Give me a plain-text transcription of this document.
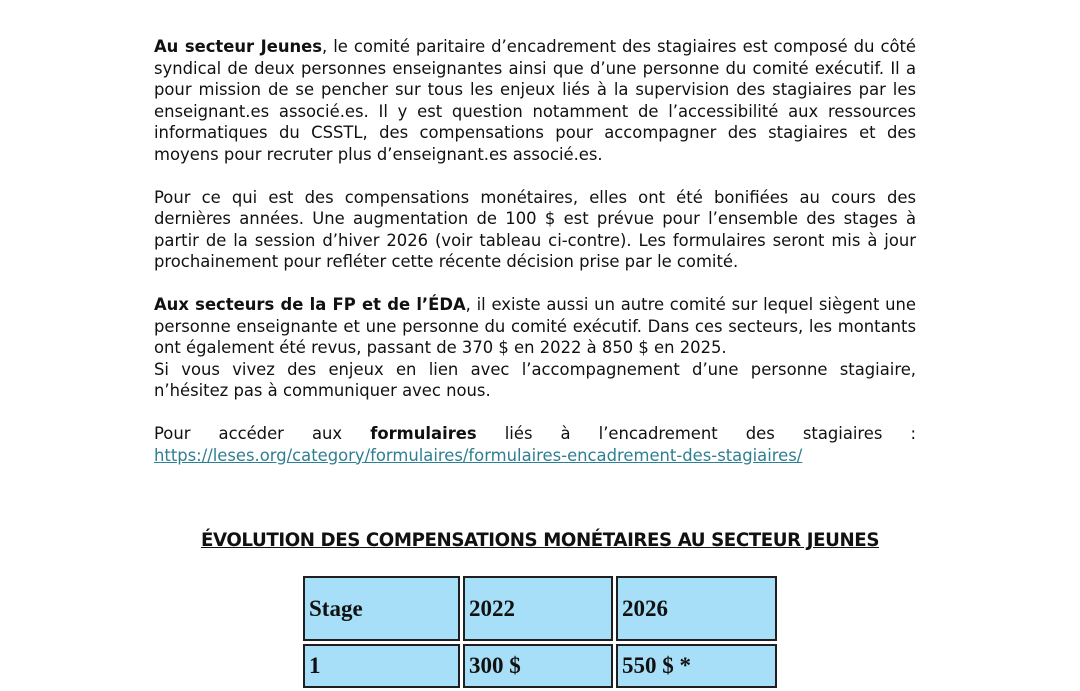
Au secteur Jeunes, le comité paritaire d’encadrement des stagiaires est composé du côté syndical de deux personnes enseignantes ainsi que d’une personne du comité exécutif. Il a pour mission de se pencher sur tous les enjeux liés à la supervision des stagiaires par les enseignant.es associé.es. Il y est question notamment de l’accessibilité aux ressources informatiques du CSSTL, des compensations pour accompagner des stagiaires et des moyens pour recruter plus d’enseignant.es associé.es.

Pour ce qui est des compensations monétaires, elles ont été bonifiées au cours des dernières années. Une augmentation de 100 $ est prévue pour l’ensemble des stages à partir de la session d’hiver 2026 (voir tableau ci-contre). Les formulaires seront mis à jour prochainement pour refléter cette récente décision prise par le comité.

Aux secteurs de la FP et de l’ÉDA, il existe aussi un autre comité sur lequel siègent une personne enseignante et une personne du comité exécutif. Dans ces secteurs, les montants ont également été revus, passant de 370 $ en 2022 à 850 $ en 2025.

Si vous vivez des enjeux en lien avec l’accompagnement d’une personne stagiaire, n’hésitez pas à communiquer avec nous.

Pour accéder aux formulaires liés à l’encadrement des stagiaires :
https://leses.org/category/formulaires/formulaires-encadrement-des-stagiaires/

ÉVOLUTION DES COMPENSATIONS MONÉTAIRES AU SECTEUR JEUNES
Stage	2022	2026
1	300 $	550 $ *
